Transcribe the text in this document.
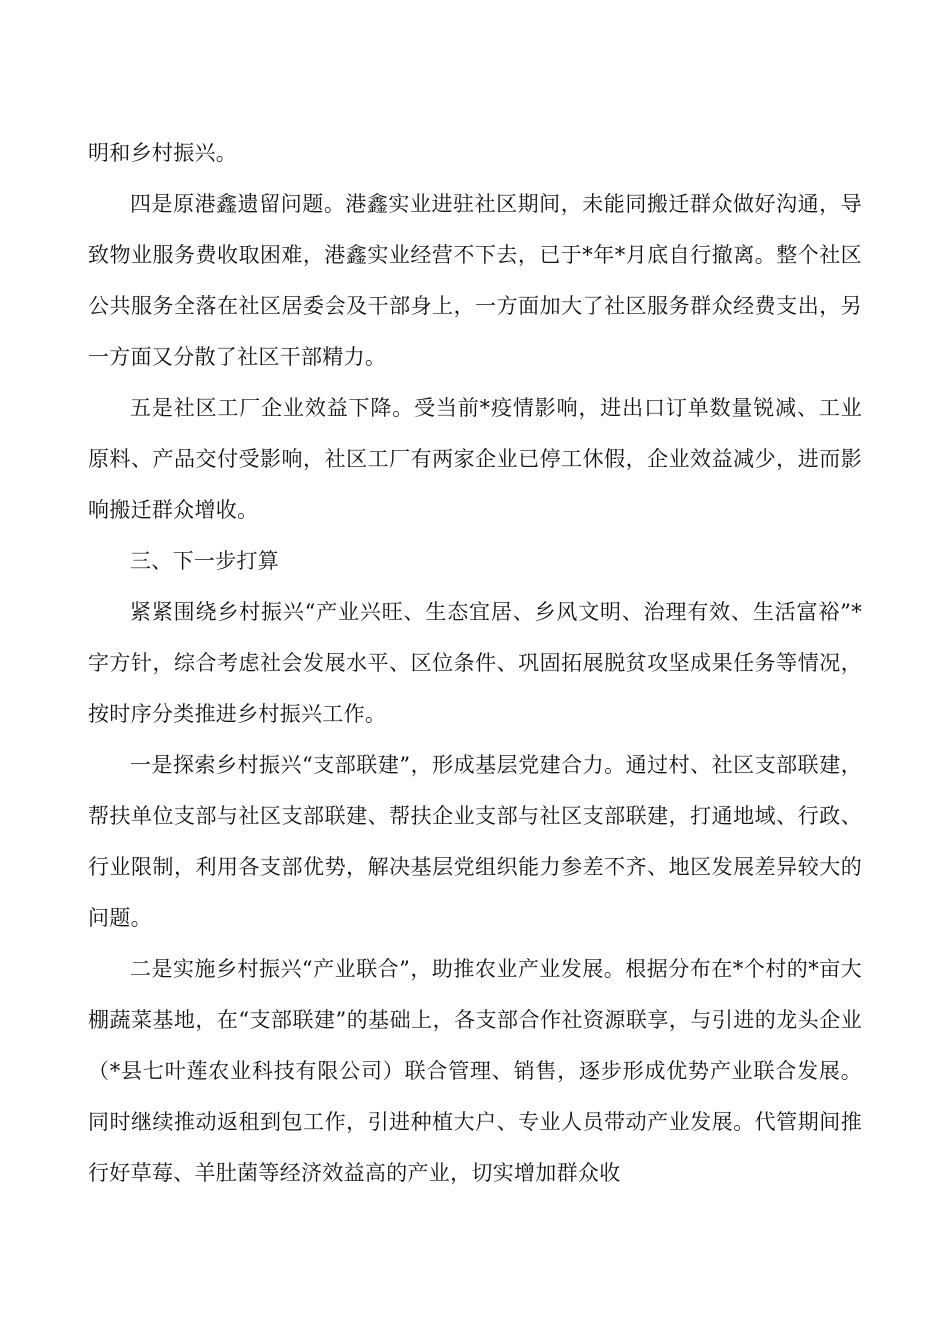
明和乡村振兴。

四是原港鑫遗留问题。港鑫实业进驻社区期间，未能同搬迁群众做好沟通，导致物业服务费收取困难，港鑫实业经营不下去，已于*年*月底自行撤离。整个社区公共服务全落在社区居委会及干部身上，一方面加大了社区服务群众经费支出，另一方面又分散了社区干部精力。

五是社区工厂企业效益下降。受当前*疫情影响，进出口订单数量锐减、工业原料、产品交付受影响，社区工厂有两家企业已停工休假，企业效益减少，进而影响搬迁群众增收。

三、下一步打算

紧紧围绕乡村振兴“产业兴旺、生态宜居、乡风文明、治理有效、生活富裕”*字方针，综合考虑社会发展水平、区位条件、巩固拓展脱贫攻坚成果任务等情况，按时序分类推进乡村振兴工作。

一是探索乡村振兴“支部联建”，形成基层党建合力。通过村、社区支部联建，帮扶单位支部与社区支部联建、帮扶企业支部与社区支部联建，打通地域、行政、行业限制，利用各支部优势，解决基层党组织能力参差不齐、地区发展差异较大的问题。

二是实施乡村振兴“产业联合”，助推农业产业发展。根据分布在*个村的*亩大棚蔬菜基地，在“支部联建”的基础上，各支部合作社资源联享，与引进的龙头企业（*县七叶莲农业科技有限公司）联合管理、销售，逐步形成优势产业联合发展。同时继续推动返租到包工作，引进种植大户、专业人员带动产业发展。代管期间推行好草莓、羊肚菌等经济效益高的产业，切实增加群众收
